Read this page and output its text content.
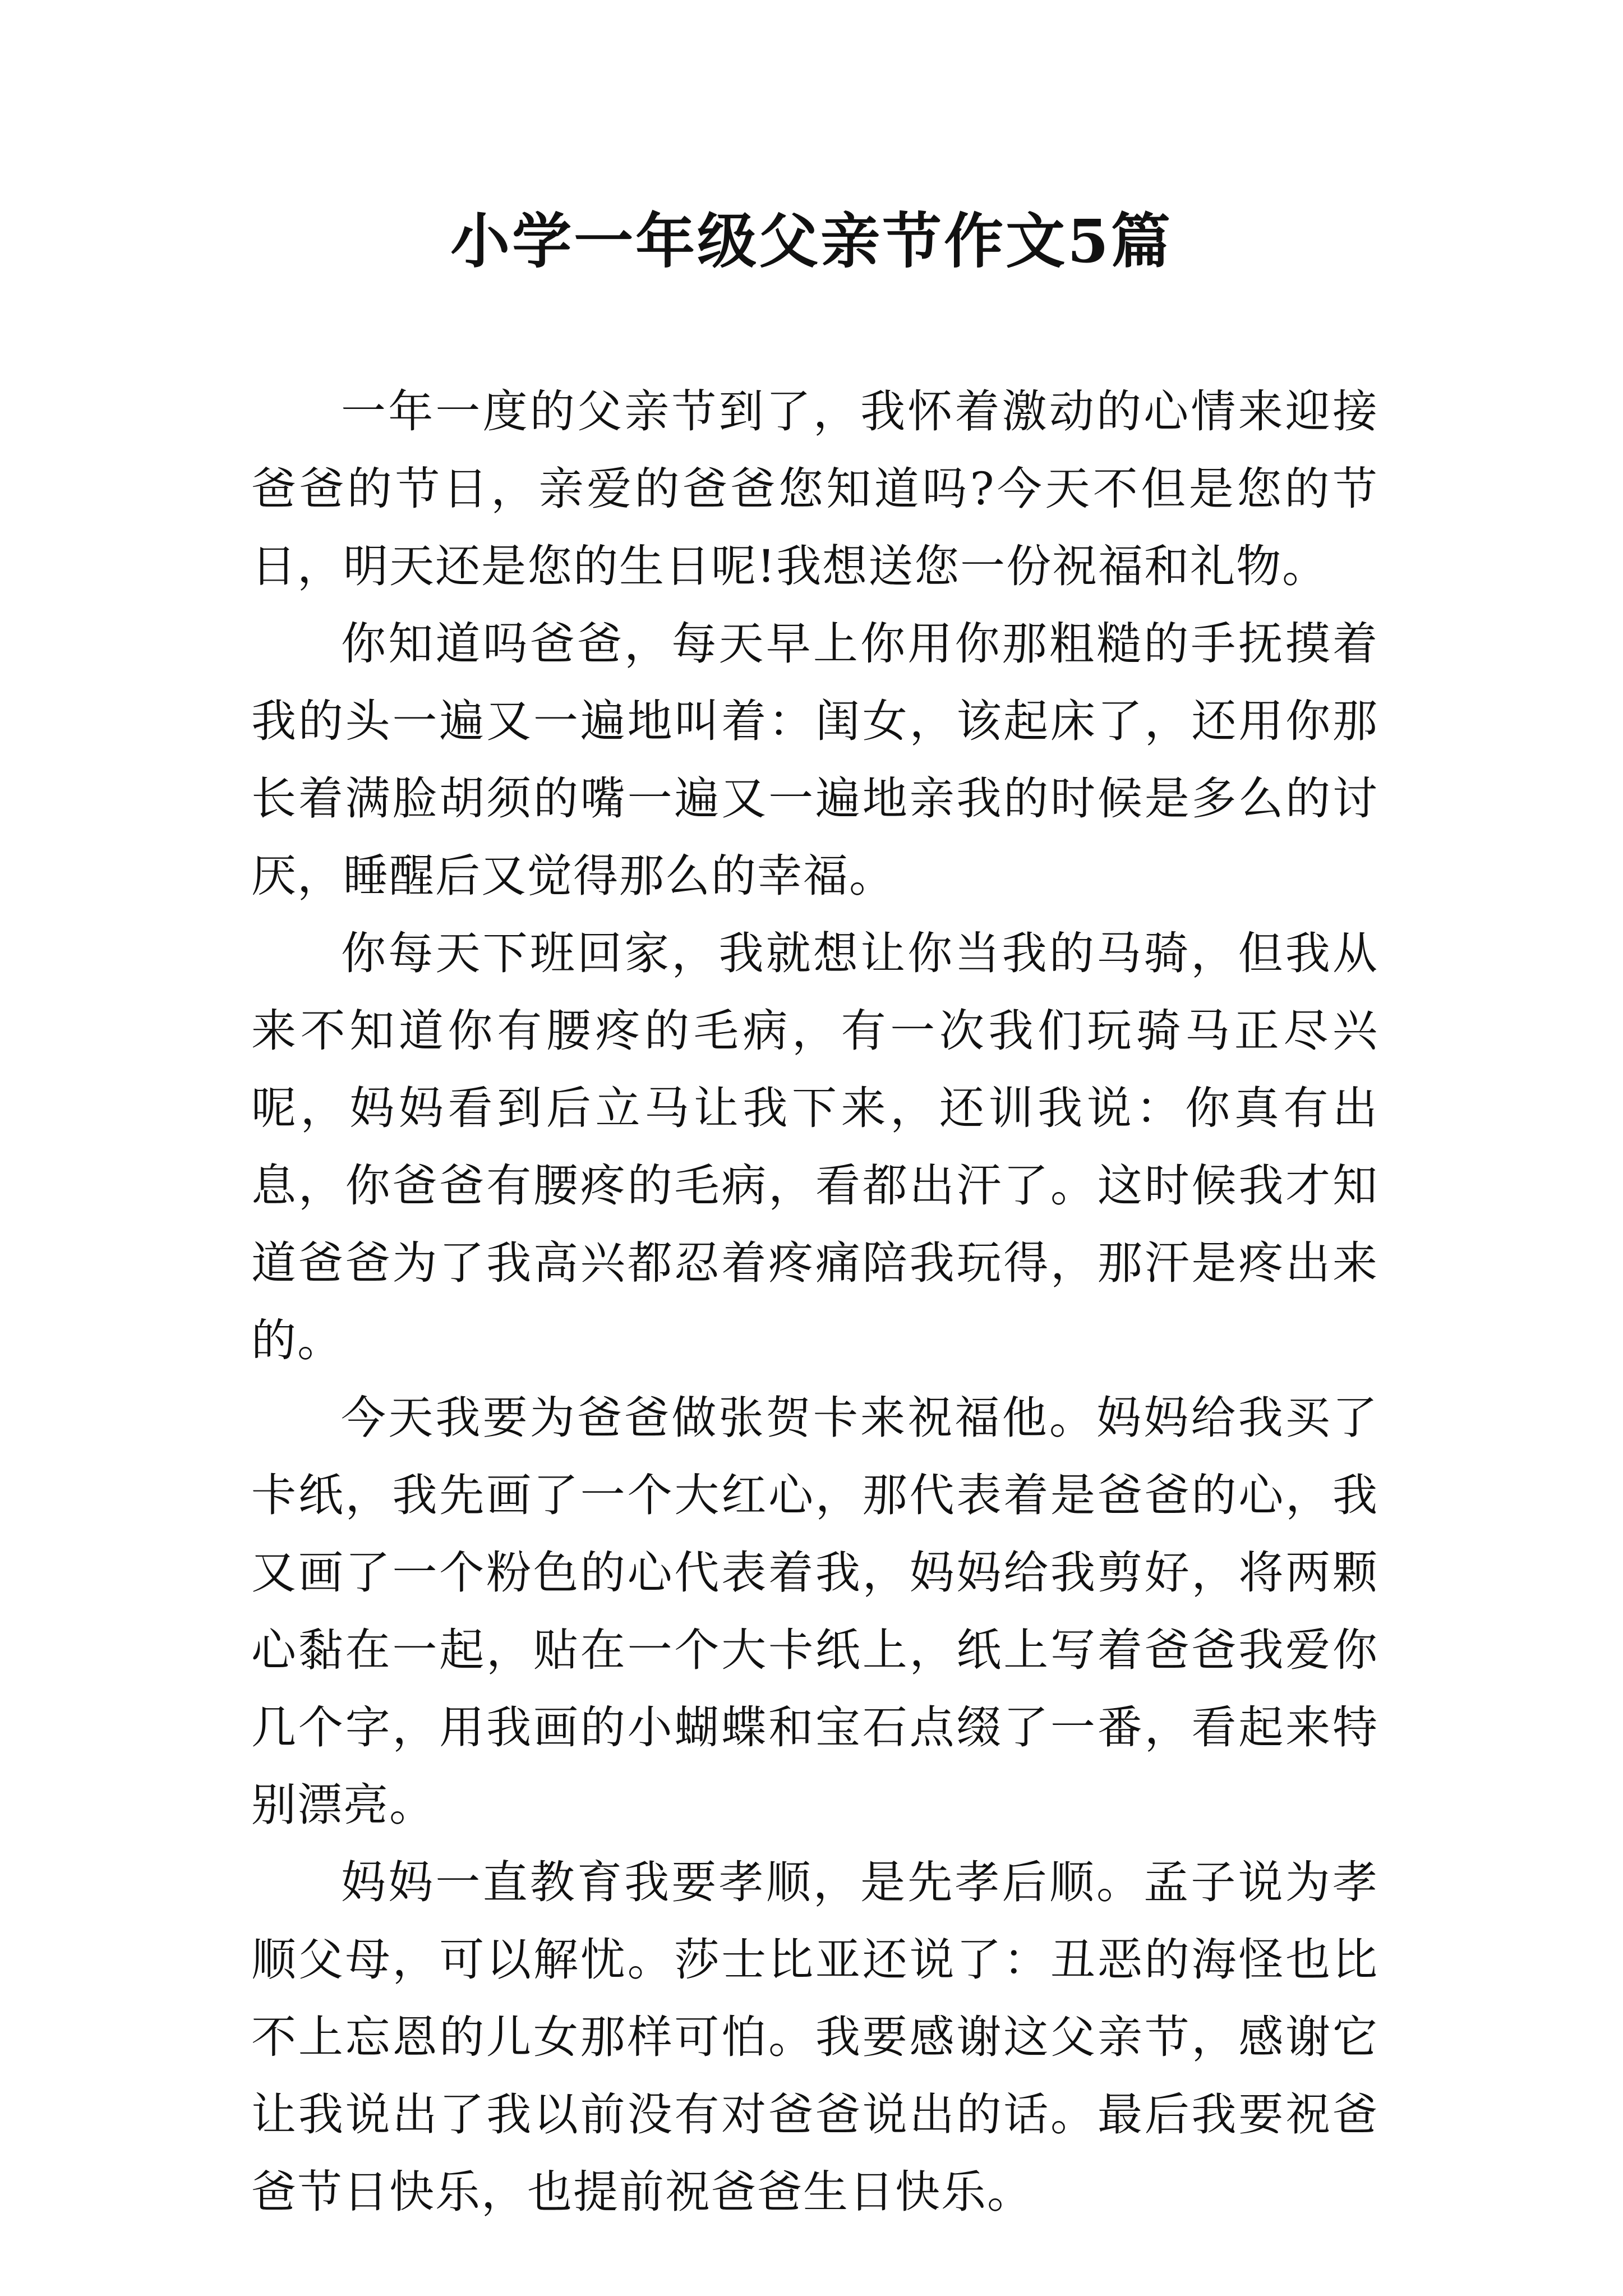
小学一年级父亲节作文5篇

一年一度的父亲节到了，我怀着激动的心情来迎接爸爸的节日，亲爱的爸爸您知道吗?今天不但是您的节日，明天还是您的生日呢!我想送您一份祝福和礼物。

你知道吗爸爸，每天早上你用你那粗糙的手抚摸着我的头一遍又一遍地叫着：闺女，该起床了，还用你那长着满脸胡须的嘴一遍又一遍地亲我的时候是多么的讨厌，睡醒后又觉得那么的幸福。

你每天下班回家，我就想让你当我的马骑，但我从来不知道你有腰疼的毛病，有一次我们玩骑马正尽兴呢，妈妈看到后立马让我下来，还训我说：你真有出息，你爸爸有腰疼的毛病，看都出汗了。这时候我才知道爸爸为了我高兴都忍着疼痛陪我玩得，那汗是疼出来的。

今天我要为爸爸做张贺卡来祝福他。妈妈给我买了卡纸，我先画了一个大红心，那代表着是爸爸的心，我又画了一个粉色的心代表着我，妈妈给我剪好，将两颗心黏在一起，贴在一个大卡纸上，纸上写着爸爸我爱你几个字，用我画的小蝴蝶和宝石点缀了一番，看起来特别漂亮。

妈妈一直教育我要孝顺，是先孝后顺。孟子说为孝顺父母，可以解忧。莎士比亚还说了：丑恶的海怪也比不上忘恩的儿女那样可怕。我要感谢这父亲节，感谢它让我说出了我以前没有对爸爸说出的话。最后我要祝爸爸节日快乐，也提前祝爸爸生日快乐。
